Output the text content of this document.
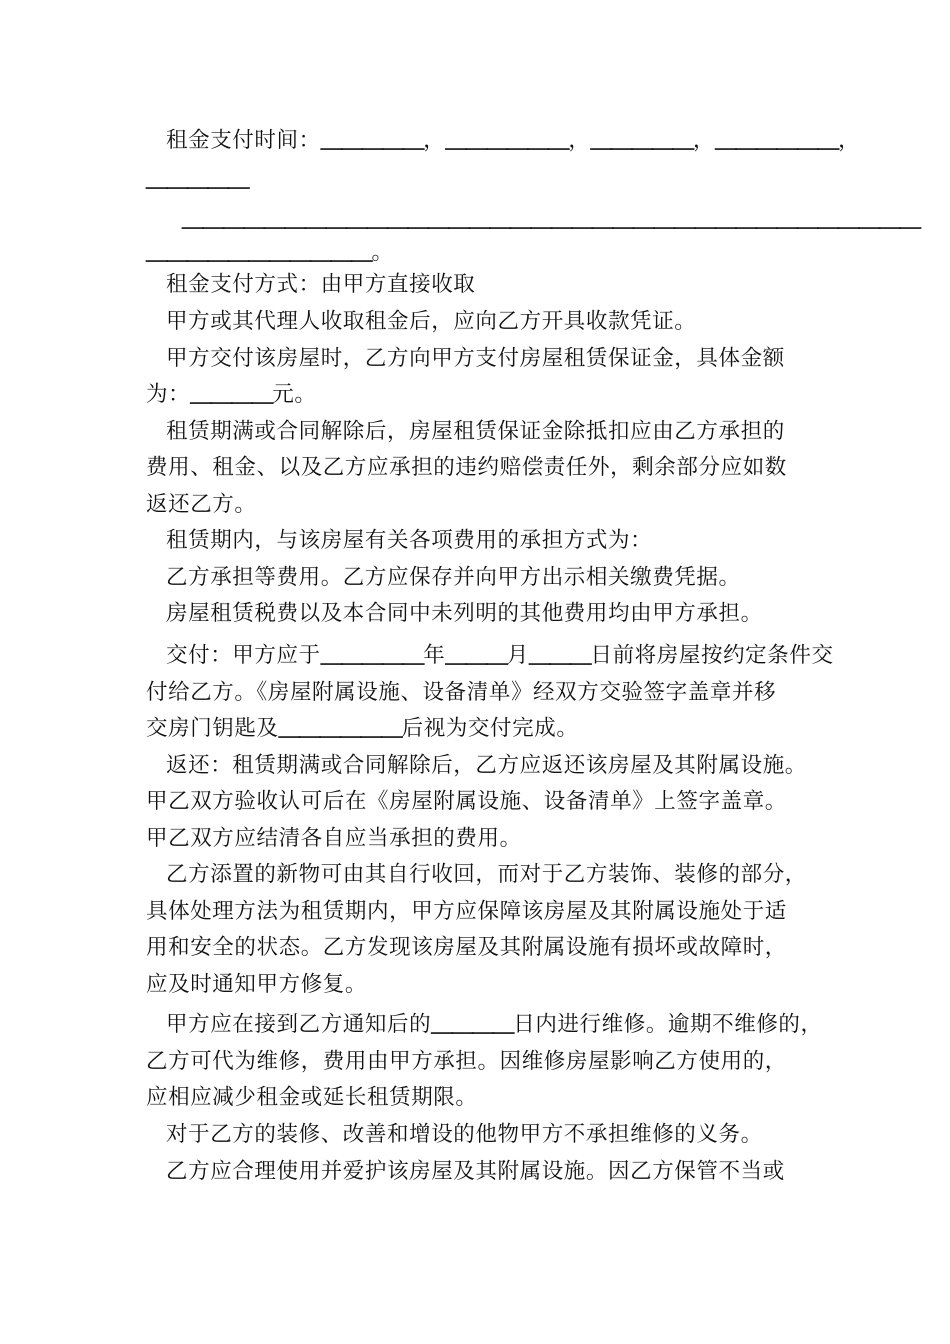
租金支付时间：＿＿＿＿＿，＿＿＿＿＿＿，＿＿＿＿＿，＿＿＿＿＿＿，
＿＿＿＿＿
＿＿＿＿＿＿＿＿＿＿＿＿＿＿＿＿＿＿＿＿＿＿＿＿＿＿＿＿＿＿＿＿＿＿＿＿
＿＿＿＿＿＿＿＿＿＿＿。
租金支付方式：由甲方直接收取
甲方或其代理人收取租金后，应向乙方开具收款凭证。
甲方交付该房屋时，乙方向甲方支付房屋租赁保证金，具体金额
为：＿＿＿＿元。
租赁期满或合同解除后，房屋租赁保证金除抵扣应由乙方承担的
费用、租金、以及乙方应承担的违约赔偿责任外，剩余部分应如数
返还乙方。
租赁期内，与该房屋有关各项费用的承担方式为：
乙方承担等费用。乙方应保存并向甲方出示相关缴费凭据。
房屋租赁税费以及本合同中未列明的其他费用均由甲方承担。
交付：甲方应于＿＿＿＿＿年＿＿＿月＿＿＿日前将房屋按约定条件交
付给乙方。《房屋附属设施、设备清单》经双方交验签字盖章并移
交房门钥匙及＿＿＿＿＿＿后视为交付完成。
返还：租赁期满或合同解除后，乙方应返还该房屋及其附属设施。
甲乙双方验收认可后在《房屋附属设施、设备清单》上签字盖章。
甲乙双方应结清各自应当承担的费用。
乙方添置的新物可由其自行收回，而对于乙方装饰、装修的部分，
具体处理方法为租赁期内，甲方应保障该房屋及其附属设施处于适
用和安全的状态。乙方发现该房屋及其附属设施有损坏或故障时，
应及时通知甲方修复。
甲方应在接到乙方通知后的＿＿＿＿日内进行维修。逾期不维修的，
乙方可代为维修，费用由甲方承担。因维修房屋影响乙方使用的，
应相应减少租金或延长租赁期限。
对于乙方的装修、改善和增设的他物甲方不承担维修的义务。
乙方应合理使用并爱护该房屋及其附属设施。因乙方保管不当或
